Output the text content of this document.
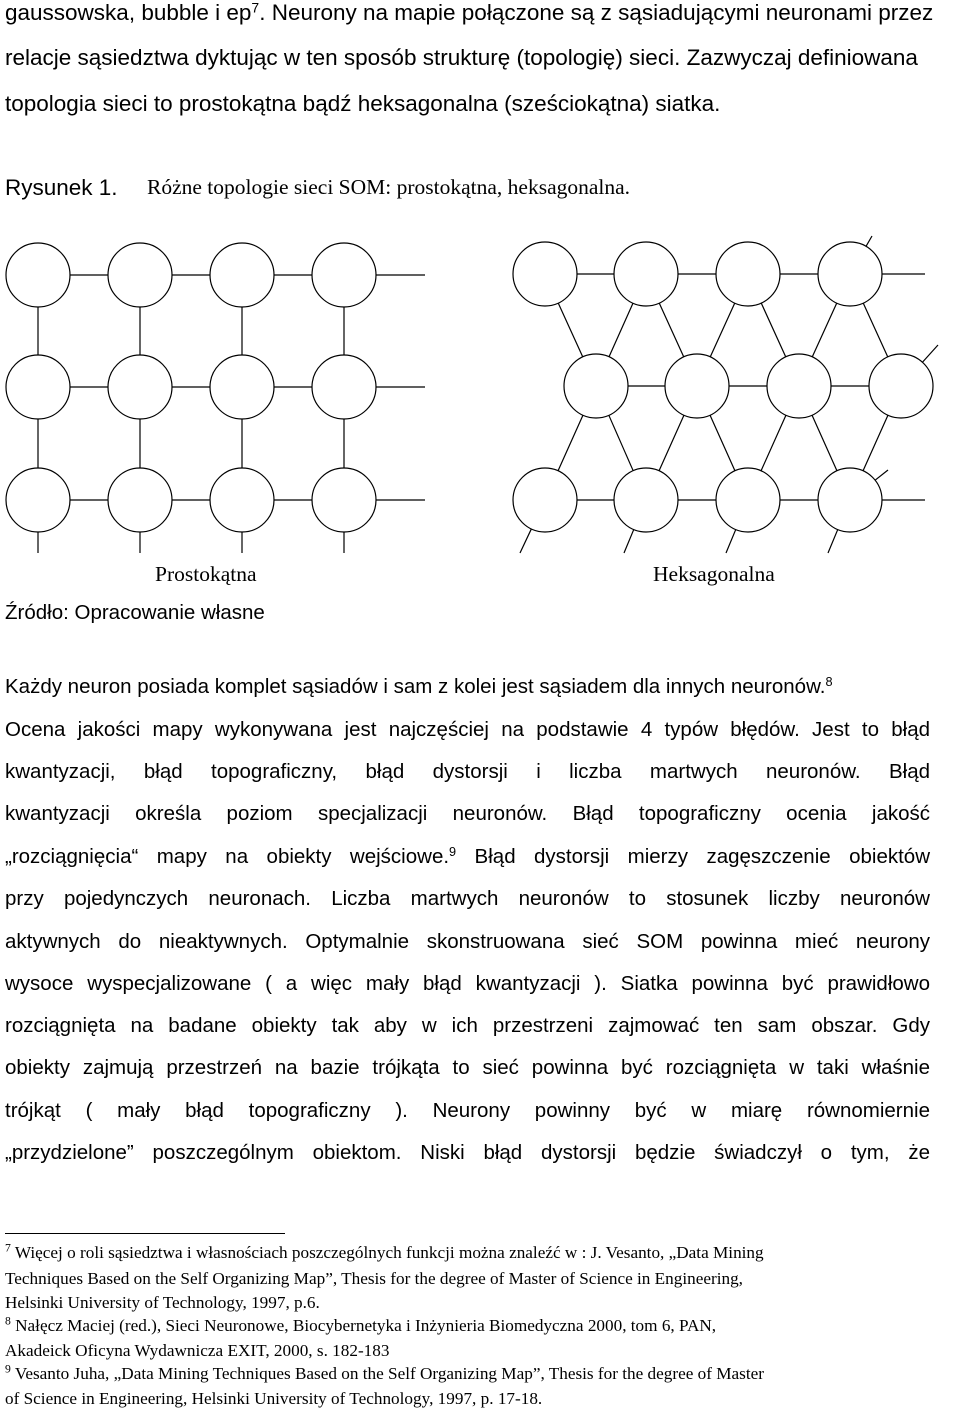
gaussowska, bubble i $ep^7$. Neurony na mapie połączone są z sąsiadującymi neuronami przez
relacje sąsiedztwa dyktując w ten sposób strukturę (topologię) sieci. Zazwyczaj definiowana
topologia sieci to prostokątna bądź heksagonalna (sześciokątna) siatka.
Rysunek 1. Różne topologie sieci SOM: prostokątna, heksagonalna.
Prostokątna	Heksagonalna
Źródło: Opracowanie własne
Każdy neuron posiada komplet sąsiadów i sam z kolei jest sąsiadem dla innych neuronów.$^8$
Ocena jakości mapy wykonywana jest najczęściej na podstawie 4 typów błędów. Jest to błąd
kwantyzacji, błąd topograficzny, błąd dystorsji i liczba martwych neuronów. Błąd
kwantyzacji określa poziom specjalizacji neuronów. Błąd topograficzny ocenia jakość
„rozciągnięcia“ mapy na obiekty wejściowe.$^9$ Błąd dystorsji mierzy zagęszczenie obiektów
przy pojedynczych neuronach. Liczba martwych neuronów to stosunek liczby neuronów
aktywnych do nieaktywnych. Optymalnie skonstruowana sieć SOM powinna mieć neurony
wysoce wyspecjalizowane ( a więc mały błąd kwantyzacji ). Siatka powinna być prawidłowo
rozciągnięta na badane obiekty tak aby w ich przestrzeni zajmować ten sam obszar. Gdy
obiekty zajmują przestrzeń na bazie trójkąta to sieć powinna być rozciągnięta w taki właśnie
trójkąt ( mały błąd topograficzny ). Neurony powinny być w miarę równomiernie
„przydzielone” poszczególnym obiektom. Niski błąd dystorsji będzie świadczył o tym, że
$^7$ Więcej o roli sąsiedztwa i własnościach poszczególnych funkcji można znaleźć w : J. Vesanto, „Data Mining
Techniques Based on the Self Organizing Map”, Thesis for the degree of Master of Science in Engineering,
Helsinki University of Technology, 1997, p.6.
$^8$ Nałęcz Maciej (red.), Sieci Neuronowe, Biocybernetyka i Inżynieria Biomedyczna 2000, tom 6, PAN,
Akadeick Oficyna Wydawnicza EXIT, 2000, s. 182-183
$^9$ Vesanto Juha, „Data Mining Techniques Based on the Self Organizing Map”, Thesis for the degree of Master
of Science in Engineering, Helsinki University of Technology, 1997, p. 17-18.
